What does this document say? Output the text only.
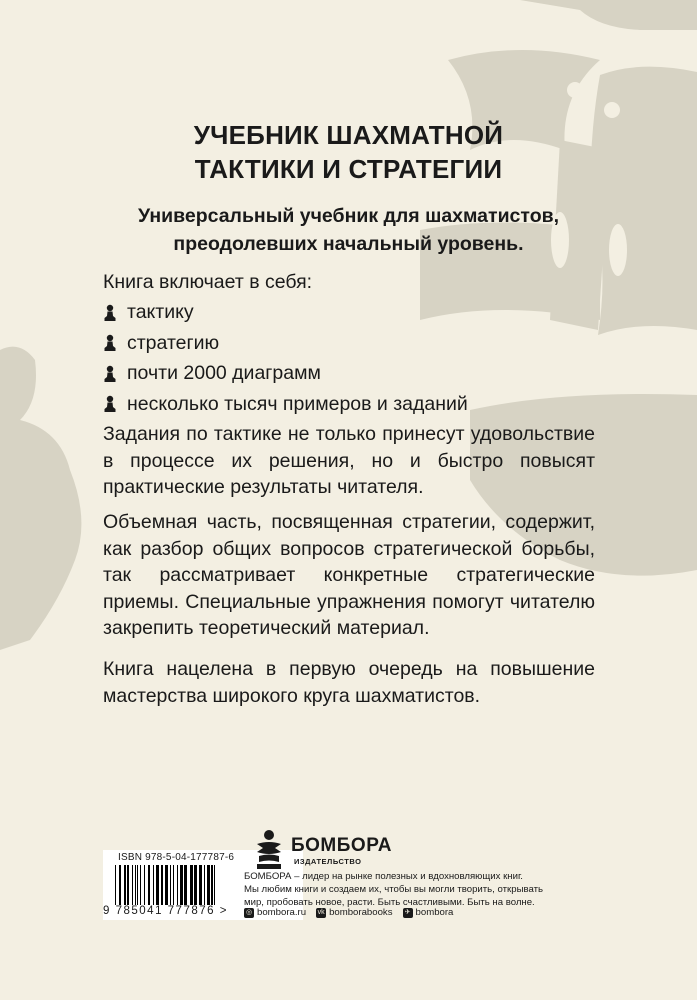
УЧЕБНИК ШАХМАТНОЙ
ТАКТИКИ И СТРАТЕГИИ
Универсальный учебник для шахматистов,
преодолевших начальный уровень.
Книга включает в себя:
тактику
стратегию
почти 2000 диаграмм
несколько тысяч примеров и заданий

Задания по тактике не только принесут удовольствие в процессе их решения, но и быстро повысят практические результаты читателя.

Объемная часть, посвященная стратегии, содержит, как разбор общих вопросов стратегической борьбы, так рассматривает конкретные стратегические приемы. Специальные упражнения помогут читателю закрепить теоретический материал.

Книга нацелена в первую очередь на повышение мастерства широкого круга шахматистов.

ISBN 978-5-04-177787-6
9 785041 777876 >
БОМБОРА
ИЗДАТЕЛЬСТВО
БОМБОРА – лидер на рынке полезных и вдохновляющих книг.
Мы любим книги и создаем их, чтобы вы могли творить, открывать
мир, пробовать новое, расти. Быть счастливыми. Быть на волне.
◎ bombora.ru vk bomborabooks ✈ bombora
